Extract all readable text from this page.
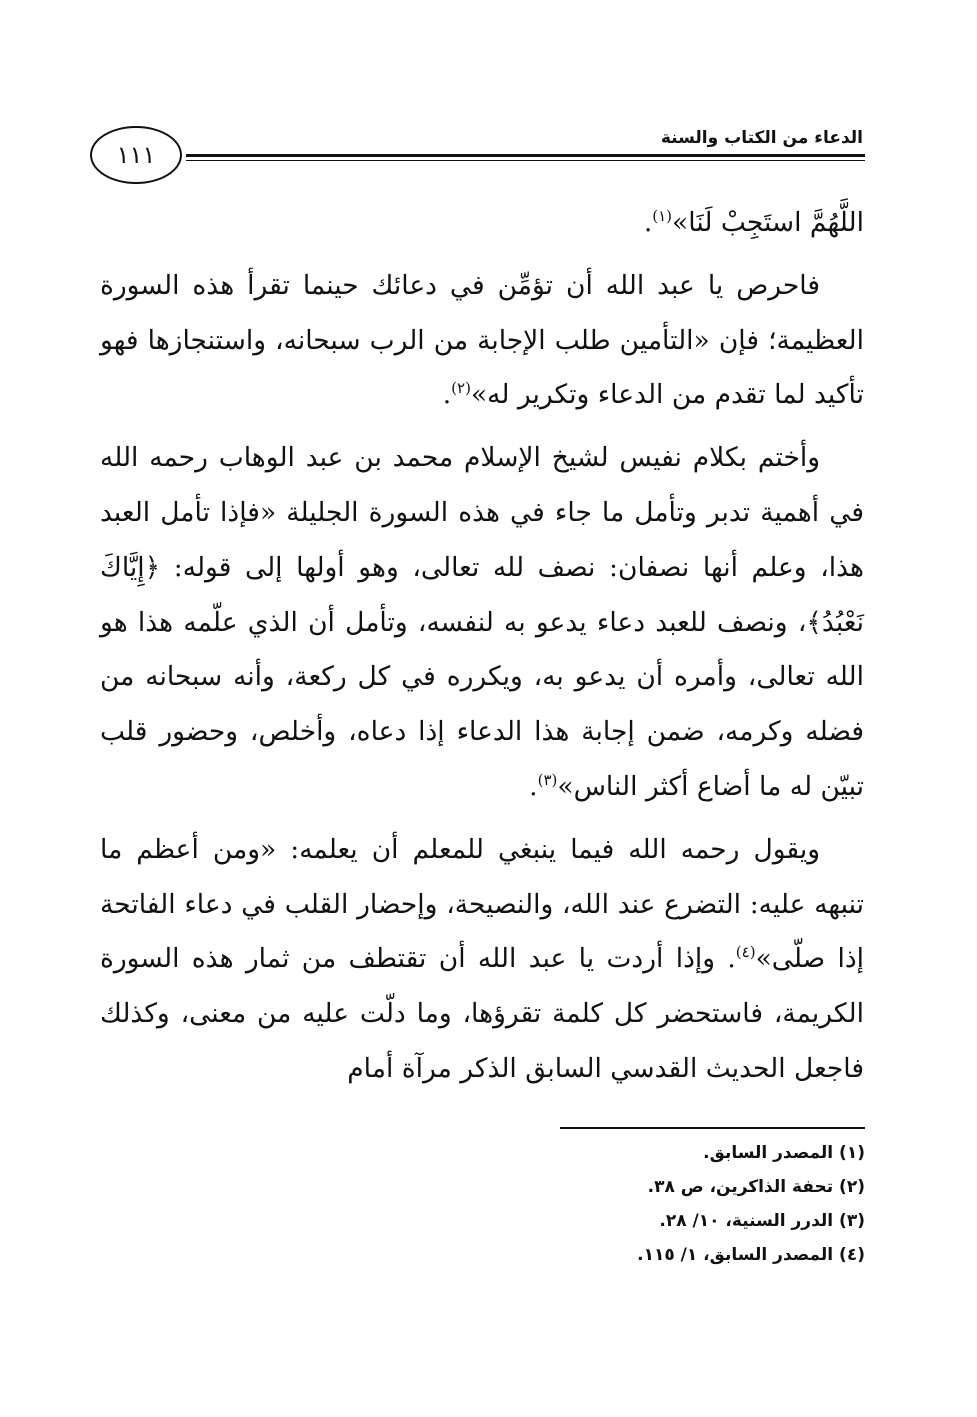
١١١
الدعاء من الكتاب والسنة

اللَّهُمَّ استَجِبْ لَنَا»$^{(١)}$.

فاحرص يا عبد الله أن تؤمِّن في دعائك حينما تقرأ هذه السورة العظيمة؛ فإن «التأمين طلب الإجابة من الرب سبحانه، واستنجازها فهو تأكيد لما تقدم من الدعاء وتكرير له»$^{(٢)}$.

وأختم بكلام نفيس لشيخ الإسلام محمد بن عبد الوهاب رحمه الله في أهمية تدبر وتأمل ما جاء في هذه السورة الجليلة «فإذا تأمل العبد هذا، وعلم أنها نصفان: نصف لله تعالى، وهو أولها إلى قوله: ﴿إِيَّاكَ نَعْبُدُ﴾، ونصف للعبد دعاء يدعو به لنفسه، وتأمل أن الذي علّمه هذا هو الله تعالى، وأمره أن يدعو به، ويكرره في كل ركعة، وأنه سبحانه من فضله وكرمه، ضمن إجابة هذا الدعاء إذا دعاه، وأخلص، وحضور قلب تبيّن له ما أضاع أكثر الناس»$^{(٣)}$.

ويقول رحمه الله فيما ينبغي للمعلم أن يعلمه: «ومن أعظم ما تنبهه عليه: التضرع عند الله، والنصيحة، وإحضار القلب في دعاء الفاتحة إذا صلّى»$^{(٤)}$. وإذا أردت يا عبد الله أن تقتطف من ثمار هذه السورة الكريمة، فاستحضر كل كلمة تقرؤها، وما دلّت عليه من معنى، وكذلك فاجعل الحديث القدسي السابق الذكر مرآة أمام

(١) المصدر السابق.
(٢) تحفة الذاكرين، ص ٣٨.
(٣) الدرر السنية، ١٠/ ٢٨.
(٤) المصدر السابق، ١/ ١١٥.
